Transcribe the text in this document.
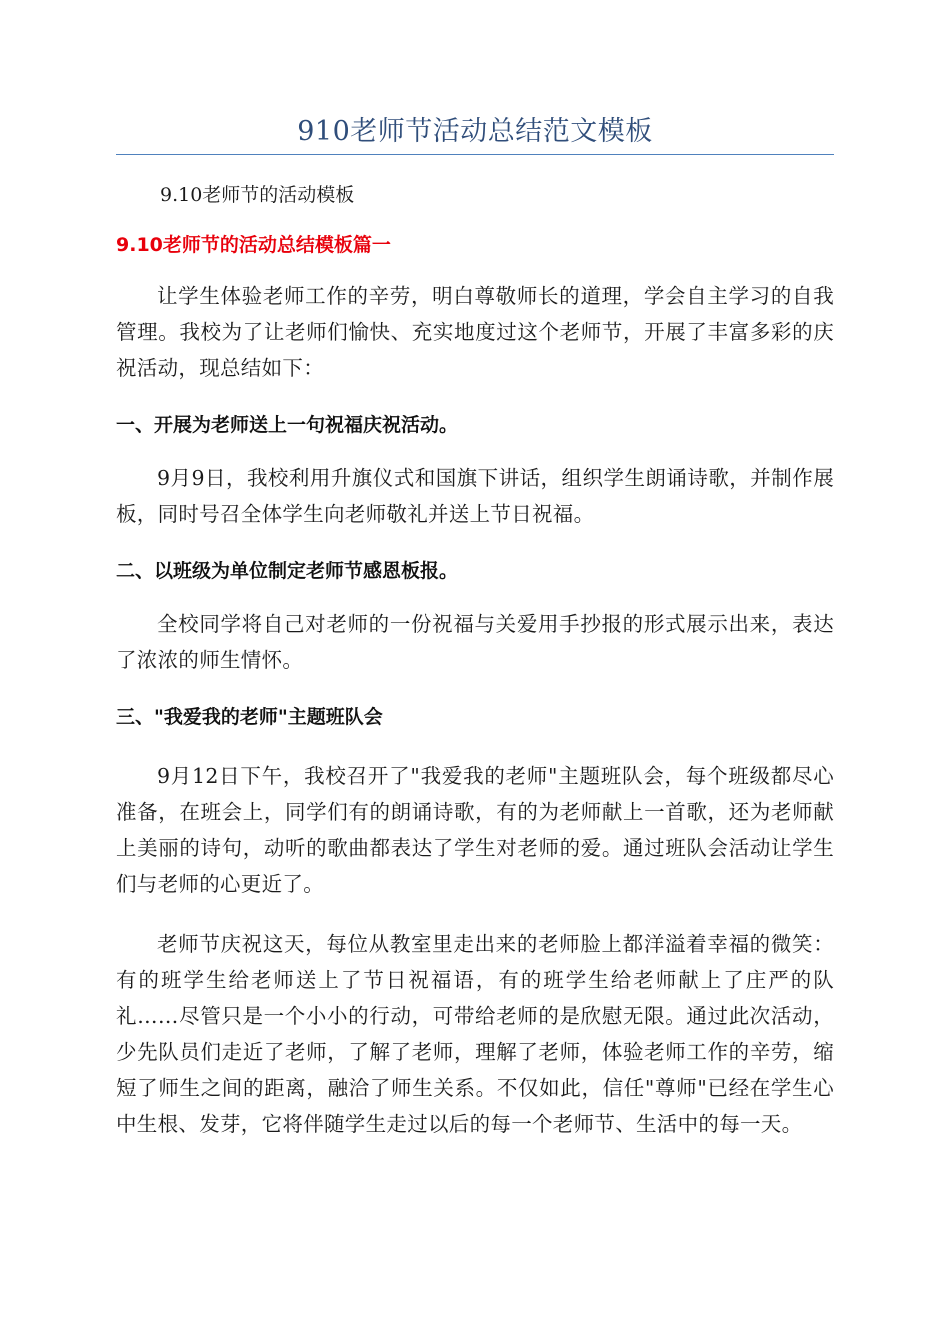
910老师节活动总结范文模板

9.10老师节的活动模板

9.10老师节的活动总结模板篇一

让学生体验老师工作的辛劳，明白尊敬师长的道理，学会自主学习的自我管理。我校为了让老师们愉快、充实地度过这个老师节，开展了丰富多彩的庆祝活动，现总结如下：

一、开展为老师送上一句祝福庆祝活动。

9月9日，我校利用升旗仪式和国旗下讲话，组织学生朗诵诗歌，并制作展板，同时号召全体学生向老师敬礼并送上节日祝福。

二、以班级为单位制定老师节感恩板报。

全校同学将自己对老师的一份祝福与关爱用手抄报的形式展示出来，表达了浓浓的师生情怀。

三、"我爱我的老师"主题班队会

9月12日下午，我校召开了"我爱我的老师"主题班队会，每个班级都尽心准备，在班会上，同学们有的朗诵诗歌，有的为老师献上一首歌，还为老师献上美丽的诗句，动听的歌曲都表达了学生对老师的爱。通过班队会活动让学生们与老师的心更近了。

老师节庆祝这天，每位从教室里走出来的老师脸上都洋溢着幸福的微笑：有的班学生给老师送上了节日祝福语，有的班学生给老师献上了庄严的队礼……尽管只是一个小小的行动，可带给老师的是欣慰无限。通过此次活动，少先队员们走近了老师，了解了老师，理解了老师，体验老师工作的辛劳，缩短了师生之间的距离，融洽了师生关系。不仅如此，信任"尊师"已经在学生心中生根、发芽，它将伴随学生走过以后的每一个老师节、生活中的每一天。
